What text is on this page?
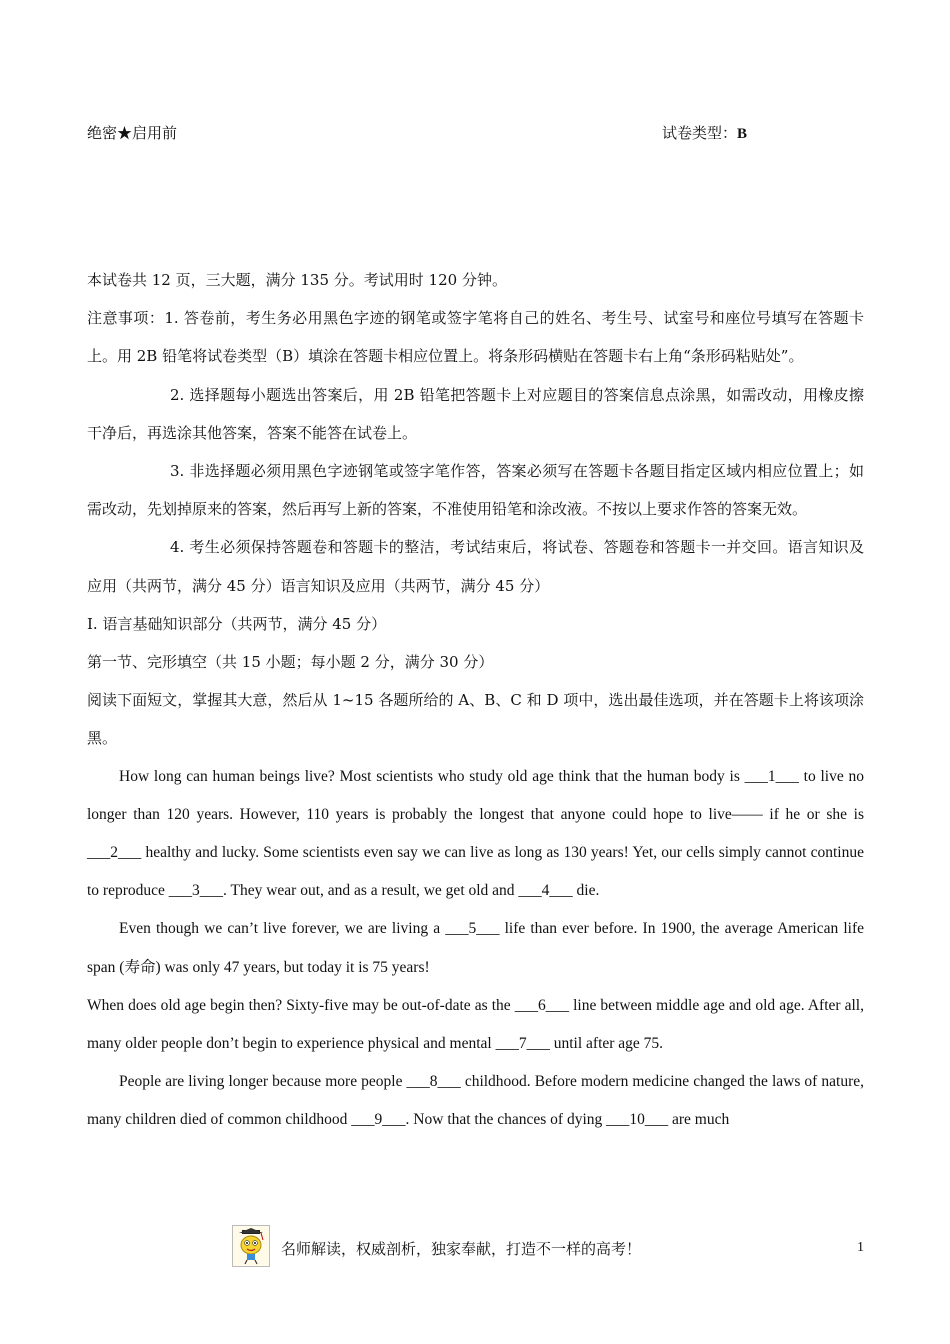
绝密★启用前	试卷类型：B

本试卷共 12 页，三大题，满分 135 分。考试用时 120 分钟。

注意事项：1. 答卷前，考生务必用黑色字迹的钢笔或签字笔将自己的姓名、考生号、试室号和座位号填写在答题卡上。用 2B 铅笔将试卷类型（B）填涂在答题卡相应位置上。将条形码横贴在答题卡右上角“条形码粘贴处”。

2. 选择题每小题选出答案后，用 2B 铅笔把答题卡上对应题目的答案信息点涂黑，如需改动，用橡皮擦干净后，再选涂其他答案，答案不能答在试卷上。

3. 非选择题必须用黑色字迹钢笔或签字笔作答，答案必须写在答题卡各题目指定区域内相应位置上；如需改动，先划掉原来的答案，然后再写上新的答案，不准使用铅笔和涂改液。不按以上要求作答的答案无效。

4. 考生必须保持答题卷和答题卡的整洁，考试结束后，将试卷、答题卷和答题卡一并交回。语言知识及应用（共两节，满分 45 分）语言知识及应用（共两节，满分 45 分）

Ⅰ. 语言基础知识部分（共两节，满分 45 分）

第一节、完形填空（共 15 小题；每小题 2 分，满分 30 分）

阅读下面短文，掌握其大意，然后从 1~15 各题所给的 A、B、C 和 D 项中，选出最佳选项，并在答题卡上将该项涂黑。

How long can human beings live? Most scientists who study old age think that the human body is ___1___ to live no longer than 120 years. However, 110 years is probably the longest that anyone could hope to live—— if he or she is ___2___ healthy and lucky. Some scientists even say we can live as long as 130 years! Yet, our cells simply cannot continue to reproduce ___3___. They wear out, and as a result, we get old and ___4___ die.

Even though we can’t live forever, we are living a ___5___ life than ever before. In 1900, the average American life span (寿命) was only 47 years, but today it is 75 years!

When does old age begin then? Sixty-five may be out-of-date as the ___6___ line between middle age and old age. After all, many older people don’t begin to experience physical and mental ___7___ until after age 75.

People are living longer because more people ___8___ childhood. Before modern medicine changed the laws of nature, many children died of common childhood ___9___. Now that the chances of dying ___10___ are much

名师解读，权威剖析，独家奉献，打造不一样的高考！	1
